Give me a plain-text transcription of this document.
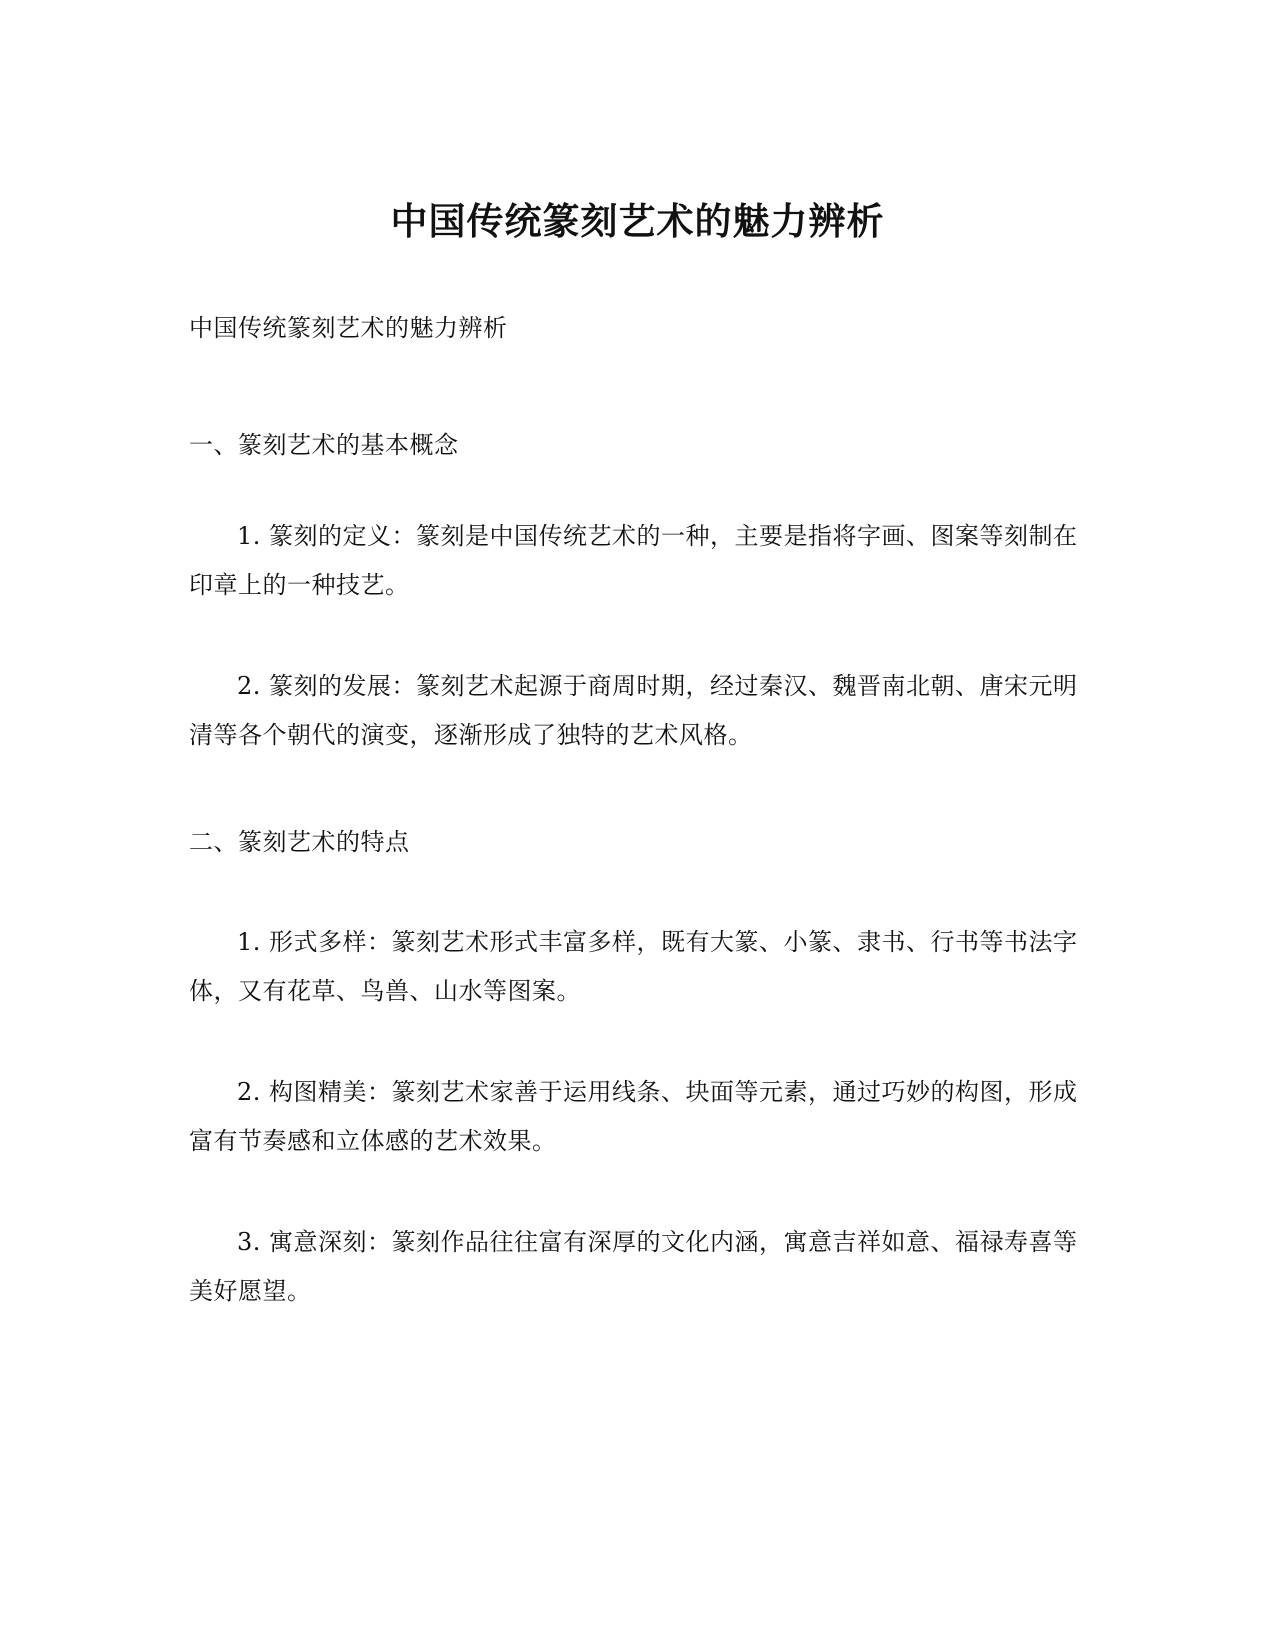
中国传统篆刻艺术的魅力辨析

中国传统篆刻艺术的魅力辨析

一、篆刻艺术的基本概念

1. 篆刻的定义：篆刻是中国传统艺术的一种，主要是指将字画、图案等刻制在印章上的一种技艺。

2. 篆刻的发展：篆刻艺术起源于商周时期，经过秦汉、魏晋南北朝、唐宋元明清等各个朝代的演变，逐渐形成了独特的艺术风格。

二、篆刻艺术的特点

1. 形式多样：篆刻艺术形式丰富多样，既有大篆、小篆、隶书、行书等书法字体，又有花草、鸟兽、山水等图案。

2. 构图精美：篆刻艺术家善于运用线条、块面等元素，通过巧妙的构图，形成富有节奏感和立体感的艺术效果。

3. 寓意深刻：篆刻作品往往富有深厚的文化内涵，寓意吉祥如意、福禄寿喜等美好愿望。
